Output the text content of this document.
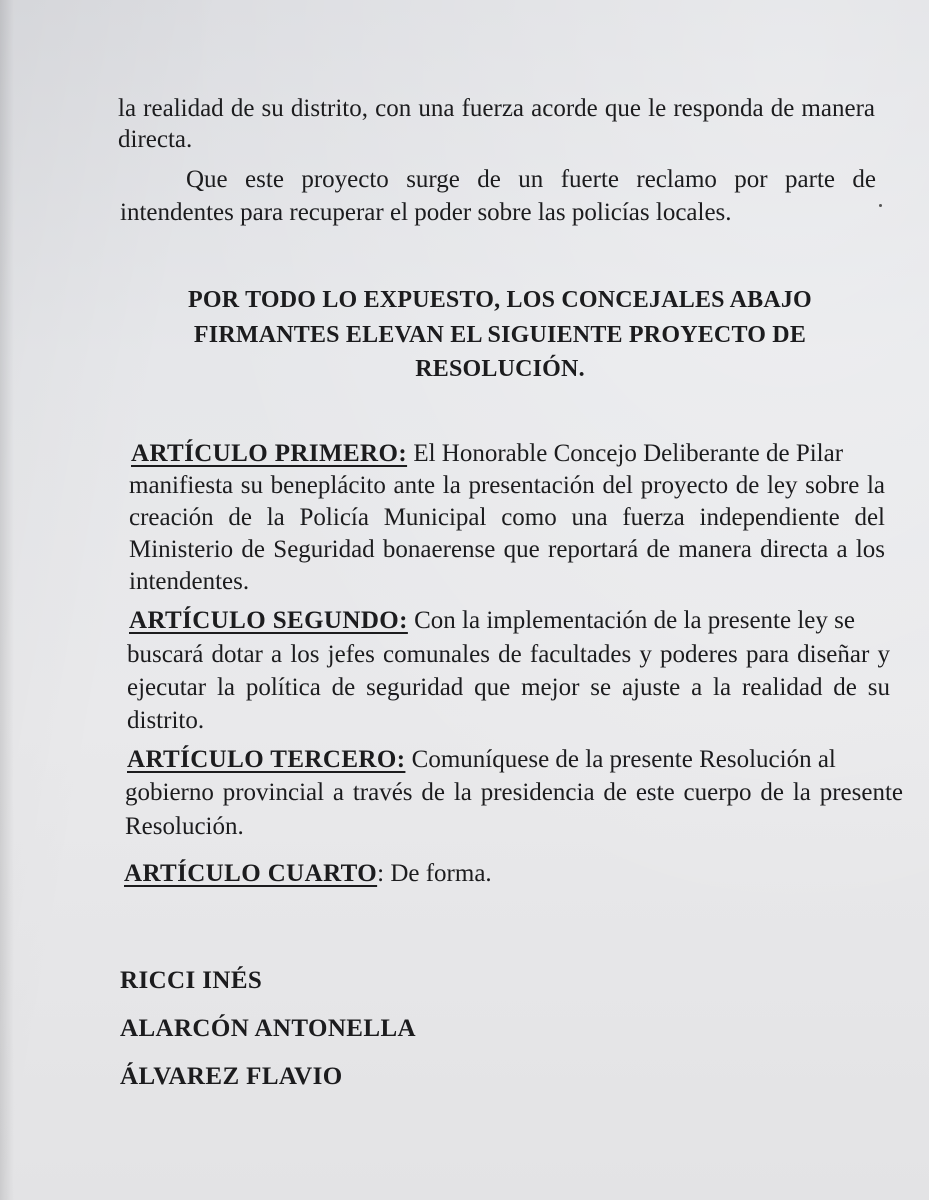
la realidad de su distrito, con una fuerza acorde que le responda de manera
directa.
Que este proyecto surge de un fuerte reclamo por parte de
intendentes para recuperar el poder sobre las policías locales.
POR TODO LO EXPUESTO, LOS CONCEJALES ABAJO
FIRMANTES ELEVAN EL SIGUIENTE PROYECTO DE
RESOLUCIÓN.
ARTÍCULO PRIMERO: El Honorable Concejo Deliberante de Pilar
manifiesta su beneplácito ante la presentación del proyecto de ley sobre la
creación de la Policía Municipal como una fuerza independiente del
Ministerio de Seguridad bonaerense que reportará de manera directa a los
intendentes.
ARTÍCULO SEGUNDO: Con la implementación de la presente ley se
buscará dotar a los jefes comunales de facultades y poderes para diseñar y
ejecutar la política de seguridad que mejor se ajuste a la realidad de su
distrito.
ARTÍCULO TERCERO: Comuníquese de la presente Resolución al
gobierno provincial a través de la presidencia de este cuerpo de la presente
Resolución.
ARTÍCULO CUARTO: De forma.
RICCI INÉS
ALARCÓN ANTONELLA
ÁLVAREZ FLAVIO
